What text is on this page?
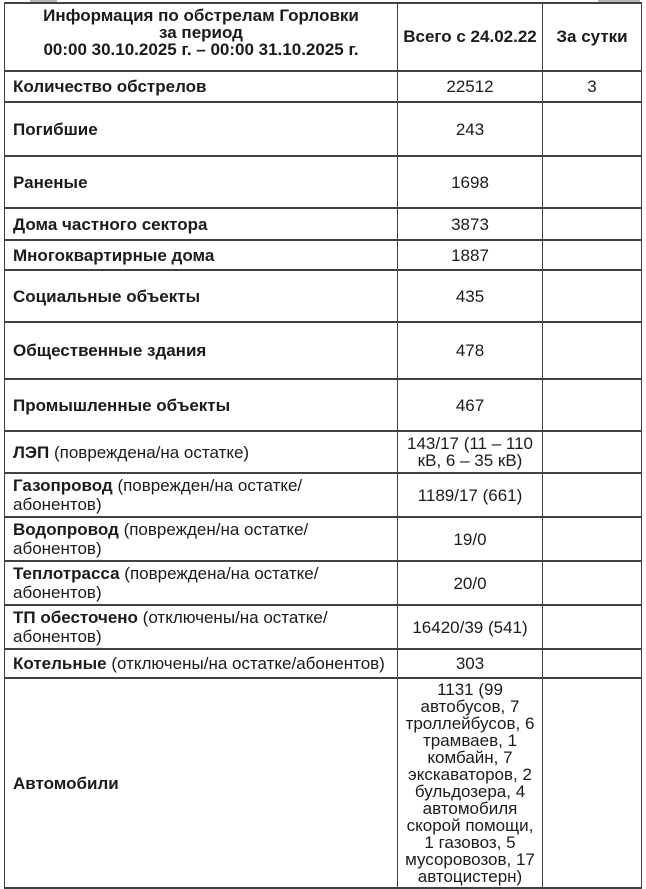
Информация по обстрелам Горловки
за период
00:00 30.10.2025 г. – 00:00 31.10.2025 г.	Всего с 24.02.22	За сутки
Количество обстрелов	22512	3
Погибшие	243	
Раненые	1698	
Дома частного сектора	3873	
Многоквартирные дома	1887	
Социальные объекты	435	
Общественные здания	478	
Промышленные объекты	467	
ЛЭП (повреждена/на остатке)	143/17 (11 – 110 кВ, 6 – 35 кВ)	
Газопровод (поврежден/на остатке/абонентов)	1189/17 (661)	
Водопровод (поврежден/на остатке/абонентов)	19/0	
Теплотрасса (повреждена/на остатке/абонентов)	20/0	
ТП обесточено (отключены/на остатке/абонентов)	16420/39 (541)	
Котельные (отключены/на остатке/абонентов)	303	
Автомобили	1131 (99 автобусов, 7 троллейбусов, 6 трамваев, 1 комбайн, 7 экскаваторов, 2 бульдозера, 4 автомобиля скорой помощи, 1 газовоз, 5 мусоровозов, 17 автоцистерн)	
